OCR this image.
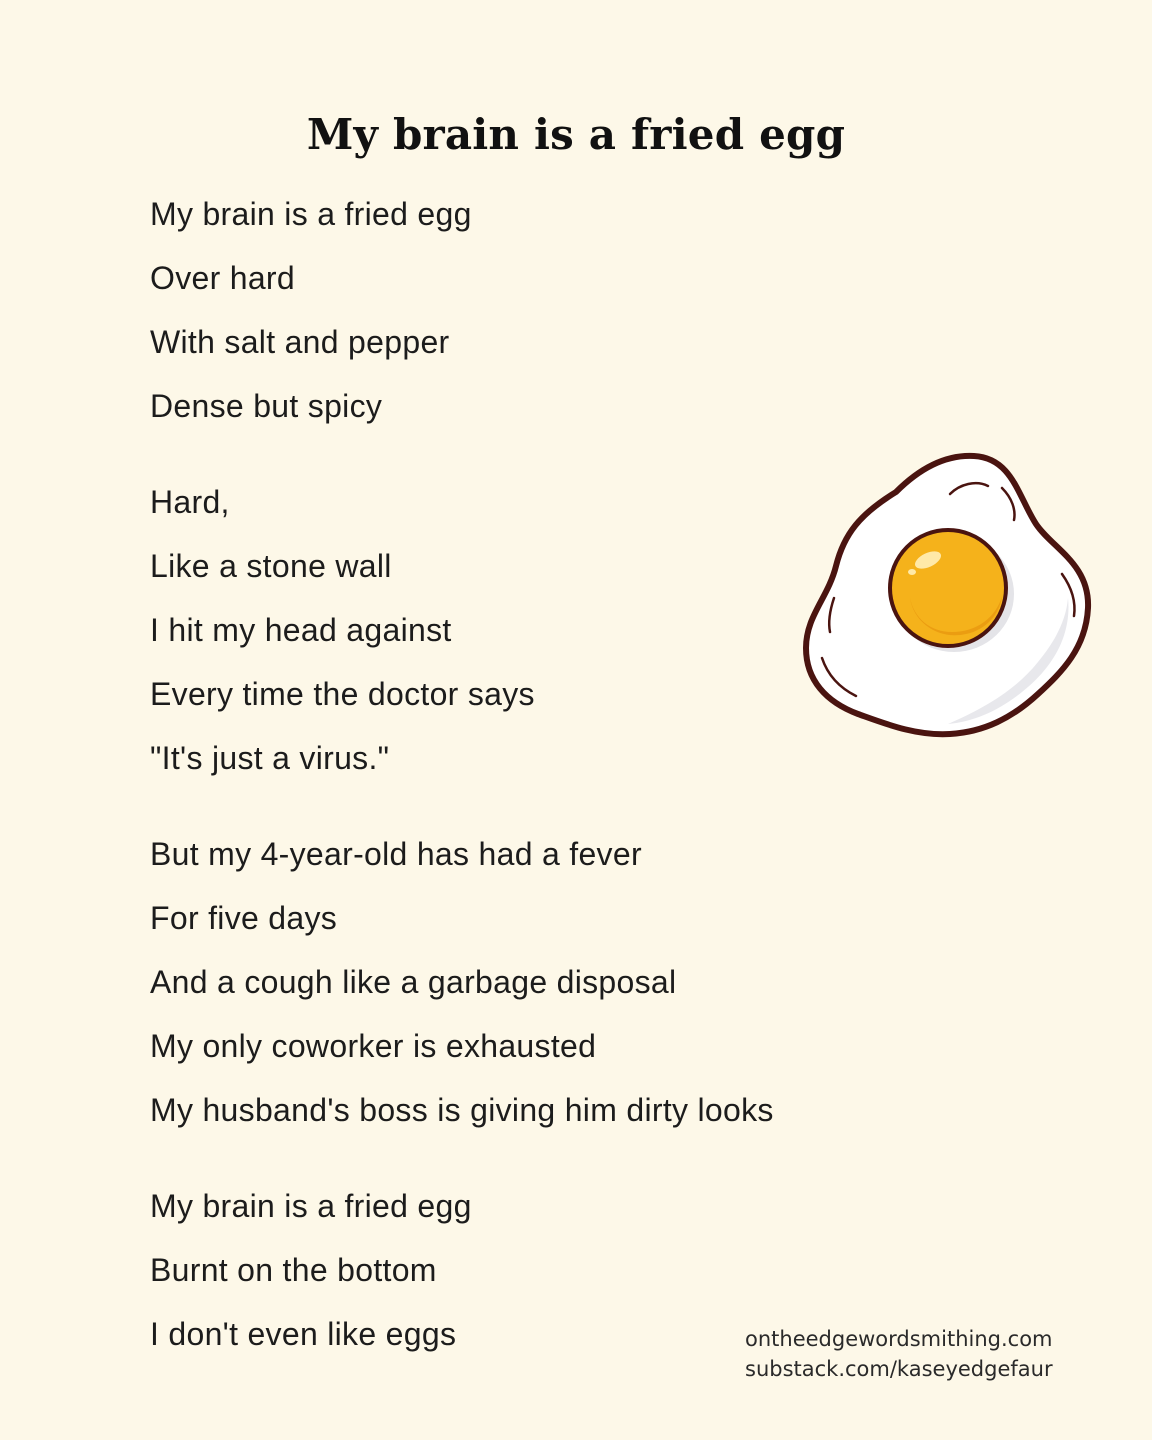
My brain is a fried egg
My brain is a fried egg
Over hard
With salt and pepper
Dense but spicy
Hard,
Like a stone wall
I hit my head against
Every time the doctor says
"It's just a virus."
But my 4-year-old has had a fever
For five days
And a cough like a garbage disposal
My only coworker is exhausted
My husband's boss is giving him dirty looks
My brain is a fried egg
Burnt on the bottom
I don't even like eggs	ontheedgewordsmithing.com
substack.com/kaseyedgefaur
